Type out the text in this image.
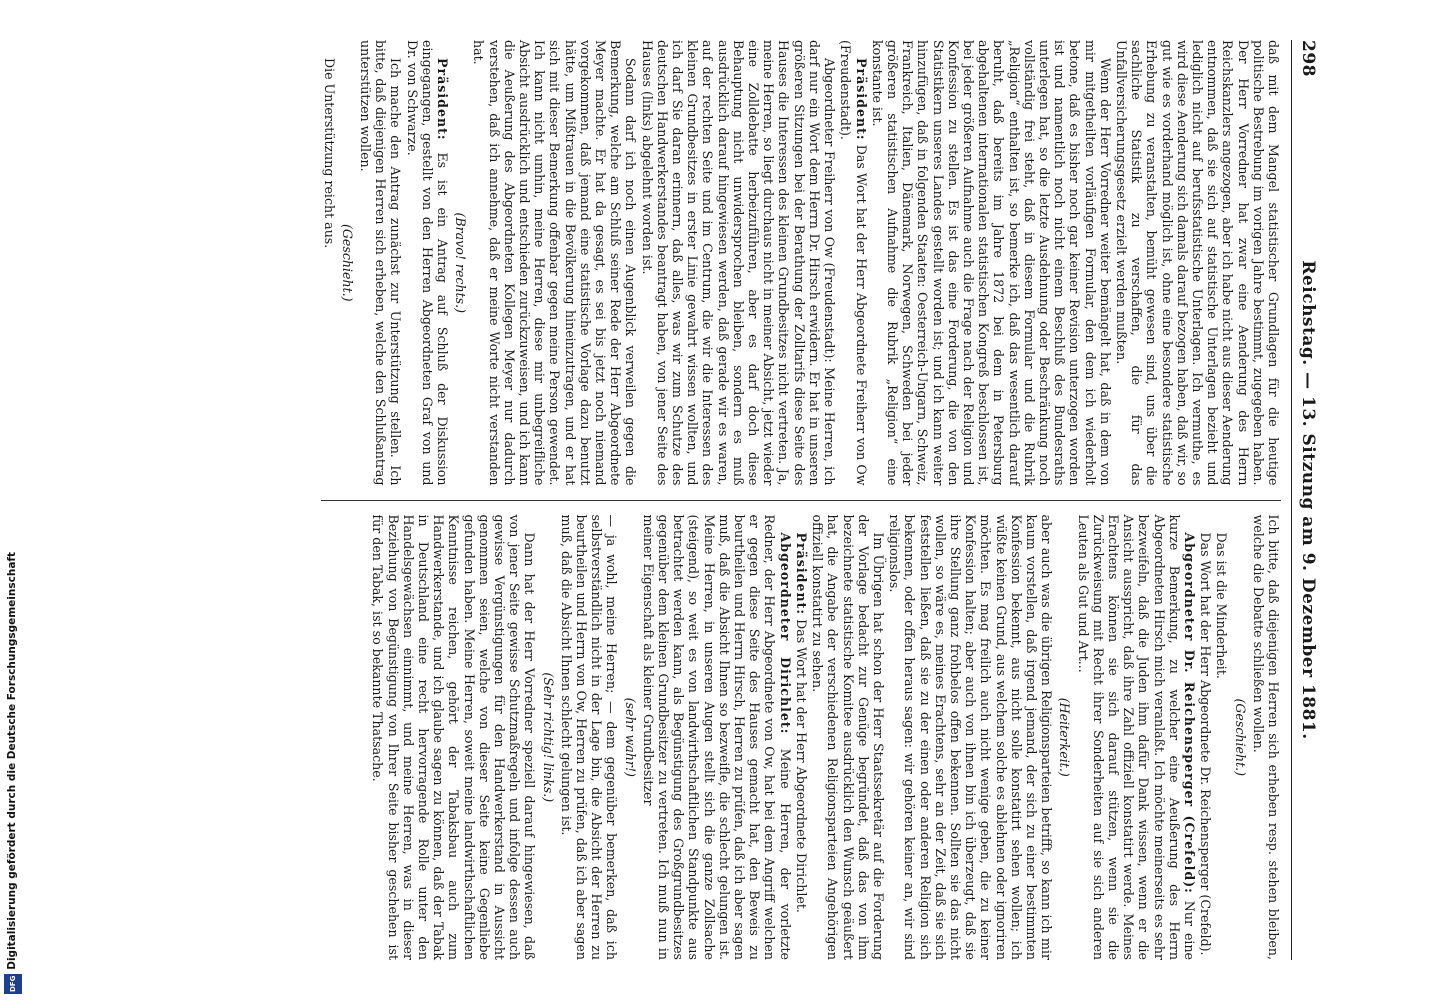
298
Reichstag. — 13. Sitzung am 9. Dezember 1881.

daß mit dem Mangel statistischer Grundlagen für die heutige politische Bestrebung im vorigen Jahre bestimmt, zugegeben haben. Der Herr Vorredner hat zwar eine Aenderung des Herrn Reichskanzlers angezogen, aber ich habe nicht aus dieser Aenderung entnommen, daß sie sich auf statistische Unterlagen bezieht und lediglich nicht auf berufsstatistische Unterlagen. Ich vermuthe, es wird diese Aenderung sich damals darauf bezogen haben, daß wir, so gut wie es vorderhand möglich ist, ohne eine besondere statistische Erhebung zu veranstalten, bemüht gewesen sind, uns über die sachliche Statistik zu verschaffen, die für das Unfallversicherungsgesetz erzielt werden mußten.

Wenn der Herr Vorredner weiter bemängelt hat, daß in dem von mir mitgetheilten vorläufigen Formular, den dem ich wiederholt betone, daß es bisher noch gar keiner Revision unterzogen worden ist und namentlich noch nicht einem Beschluß des Bundesraths unterlegen hat, so die letzte Ausdehnung oder Beschränkung noch vollständig frei steht, daß in diesem Formular und die Rubrik „Religion“ enthalten ist, so bemerke ich, daß das wesentlich darauf beruht, daß bereits im Jahre 1872 bei dem in Petersburg abgehaltenen internationalen statistischen Kongreß beschlossen ist, bei jeder größeren Aufnahme auch die Frage nach der Religion und Konfession zu stellen. Es ist das eine Forderung, die von den Statistikern unseres Landes gestellt worden ist; und ich kann weiter hinzufügen, daß in folgenden Staaten: Oesterreich-Ungarn, Schweiz, Frankreich, Italien, Dänemark, Norwegen, Schweden bei jeder größeren statistischen Aufnahme die Rubrik „Religion“ eine konstante ist.

Präsident: Das Wort hat der Herr Abgeordnete Freiherr von Ow (Freudenstadt).

Abgeordneter Freiherr von Ow (Freudenstadt): Meine Herren, ich darf nur ein Wort dem Herrn Dr. Hirsch erwidern. Er hat in unseren größeren Sitzungen bei der Berathung der Zolltarifs diese Seite des Hauses die Interessen des kleinen Grundbesitzes nicht vertreten. Ja, meine Herren, so liegt durchaus nicht in meiner Absicht, jetzt wieder eine Zolldebatte herbeizuführen, aber es darf doch diese Behauptung nicht unwidersprochen bleiben, sondern es muß ausdrücklich darauf hingewiesen werden, daß gerade wir es waren, auf der rechten Seite und im Centrum, die wir die Interessen des kleinen Grundbesitzes in erster Linie gewahrt wissen wollten, und ich darf Sie daran erinnern, daß alles, was wir zum Schutze des deutschen Handwerkerstandes beantragt haben, von jener Seite des Hauses (links) abgelehnt worden ist.

Sodann darf ich noch einen Augenblick verweilen gegen die Bemerkung, welche am Schluß seiner Rede der Herr Abgeordnete Meyer machte. Er hat da gesagt, es sei bis jetzt noch niemand vorgekommen, daß jemand eine statistische Vorlage dazu benutzt hätte, um Mißtrauen in die Bevölkerung hineinzutragen, und er hat sich mit dieser Bemerkung offenbar gegen meine Person gewendet. Ich kann nicht umhin, meine Herren, diese mir unbegreifliche Absicht ausdrücklich und entschieden zurückzuweisen, und ich kann die Aeußerung des Abgeordneten Kollegen Meyer nur dadurch verstehen, daß ich annehme, daß er meine Worte nicht verstanden hat.

(Bravo! rechts.)

Präsident: Es ist ein Antrag auf Schluß der Diskussion eingegangen, gestellt von den Herren Abgeordneten Graf von und Dr. von Schwarze.

Ich mache den Antrag zunächst zur Unterstützung stellen. Ich bitte, daß diejenigen Herren sich erheben, welche den Schlußantrag unterstützen wollen.

(Geschieht.)

Die Unterstützung reicht aus.

Ich bitte, daß diejenigen Herren sich erheben resp. stehen bleiben, welche die Debatte schließen wollen.

(Geschieht.)

Das ist die Minderheit.

Das Wort hat der Herr Abgeordnete Dr. Reichensperger (Crefeld).

Abgeordneter Dr. Reichensperger (Crefeld): Nur eine kurze Bemerkung, zu welcher eine Aeußerung des Herrn Abgeordneten Hirsch mich veranlaßt. Ich möchte meinerseits es sehr bezweifeln, daß die Juden ihm dafür Dank wissen, wenn er die Ansicht ausspricht, daß ihre Zahl offiziell konstatirt werde. Meines Erachtens können sie sich darauf stützen, wenn sie die Zurückweisung mit Recht ihrer Sonderheiten auf sie sich anderen Leuten als Gut und Art...

(Heiterkeit.)

aber auch was die übrigen Religionsparteien betrifft, so kann ich mir kaum vorstellen, daß irgend jemand, der sich zu einer bestimmten Konfession bekennt, aus nicht solle konstatirt sehen wollen; ich wüßte keinen Grund, aus welchem solche es ablehnen oder ignoriren möchten. Es mag freilich auch nicht wenige geben, die zu keiner Konfession halten; aber auch von ihnen bin ich überzeugt, daß sie ihre Stellung ganz frohbelos offen bekennen. Sollten sie das nicht wollen, so wäre es, meines Erachtens, sehr an der Zeit, daß sie sich feststellen ließen, daß sie zu der einen oder anderen Religion sich bekennen, oder offen heraus sagen: wir gehören keiner an, wir sind religionslos.

Im Übrigen hat schon der Herr Staatssekretär auf die Forderung der Vorlage bedacht zur Genüge begründet, daß das von ihm bezeichnete statistische Komitee ausdrücklich den Wunsch geäußert hat, die Angabe der verschiedenen Religionsparteien Angehörigen offiziell konstatirt zu sehen.

Präsident: Das Wort hat der Herr Abgeordnete Dirichlet.

Abgeordneter Dirichlet: Meine Herren, der vorletzte Redner, der Herr Abgeordnete von Ow, hat bei dem Angriff welchen er gegen diese Seite des Hauses gemacht hat, den Beweis zu beurtheilen und Herrn Hirsch, Herren zu prüfen, daß ich aber sagen muß, daß die Absicht Ihnen so bezweifle, die schlecht gelungen ist. Meine Herren, in unseren Augen stellt sich die ganze Zollsache (steigend), so weit es von landwirthschaftlichen Standpunkte aus betrachtet werden kann, als Begünstigung des Großgrundbesitzes gegenüber dem kleinen Grundbesitzer zu vertreten. Ich muß nun in meiner Eigenschaft als kleiner Grundbesitzer

(sehr wahr!)

— ja wohl, meine Herren; — dem gegenüber bemerken, daß ich selbstverständlich nicht in der Lage bin, die Absicht der Herren zu beurtheilen und Herrn von Ow, Herren zu prüfen, daß ich aber sagen muß, daß die Absicht Ihnen schlecht gelungen ist.

(Sehr richtig! links.)

Dann hat der Herr Vorredner speziell darauf hingewiesen, daß von jener Seite gewisse Schutzmaßregeln und infolge dessen auch gewisse Vergünstigungen für den Handwerkerstand in Aussicht genommen seien, welche von dieser Seite keine Gegenliebe gefunden haben. Meine Herren, soweit meine landwirthschaftlichen Kenntnisse reichen, gehört der Tabaksbau auch zum Handwerkerstande, und ich glaube sagen zu können, daß der Tabak in Deutschland eine recht hervorragende Rolle unter den Handelsgewächsen einnimmt, und meine Herren, was in dieser Beziehung von Begünstigung von Ihrer Seite bisher geschehen ist für den Tabak, ist so bekannte Thatsache.

Digitalisierung gefördert durch die Deutsche Forschungsgemeinschaft
DFG
